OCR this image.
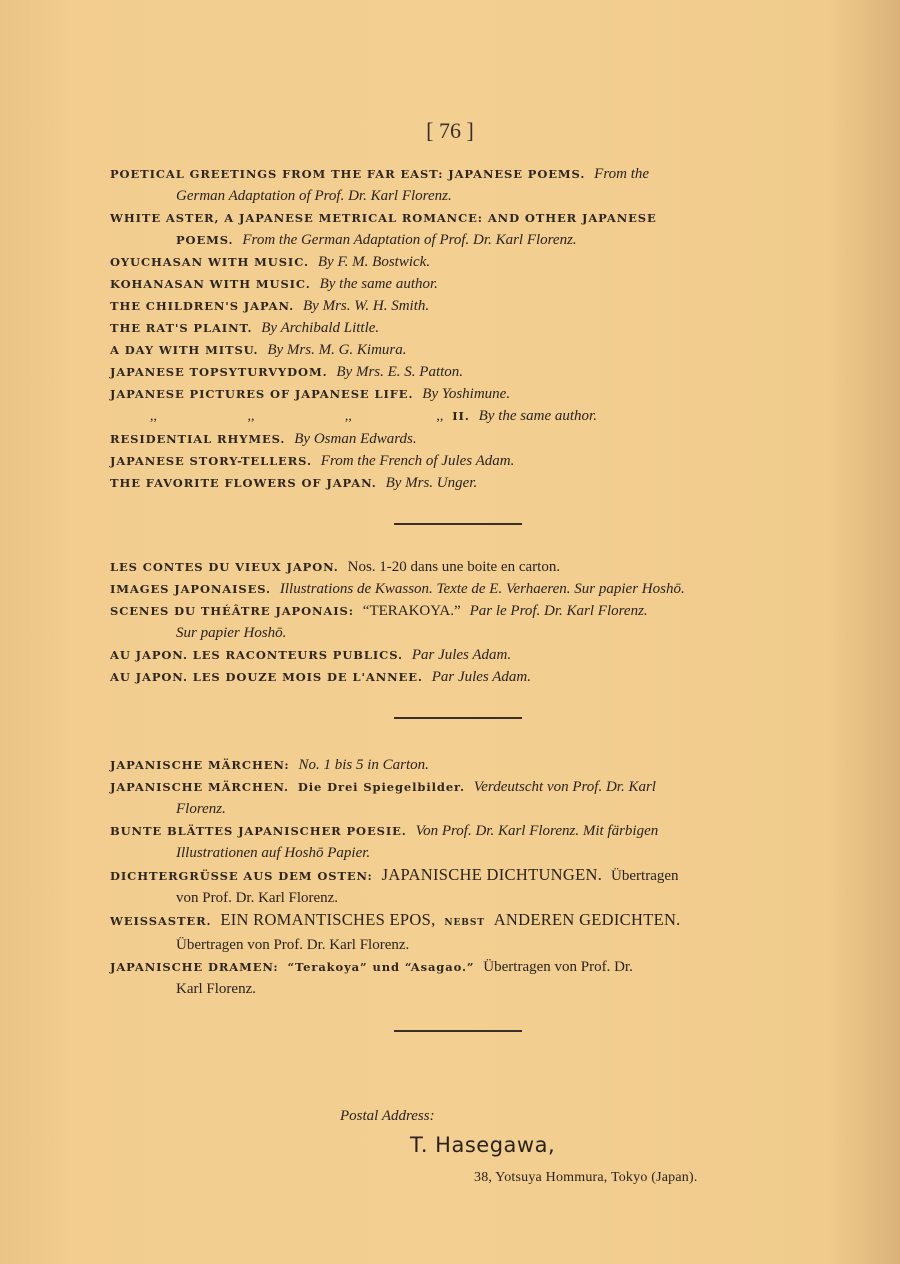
[ 76 ]
POETICAL GREETINGS FROM THE FAR EAST: JAPANESE POEMS. From the
German Adaptation of Prof. Dr. Karl Florenz.
WHITE ASTER, A JAPANESE METRICAL ROMANCE: AND OTHER JAPANESE
POEMS. From the German Adaptation of Prof. Dr. Karl Florenz.
OYUCHASAN WITH MUSIC. By F. M. Bostwick.
KOHANASAN WITH MUSIC. By the same author.
THE CHILDREN'S JAPAN. By Mrs. W. H. Smith.
THE RAT'S PLAINT. By Archibald Little.
A DAY WITH MITSU. By Mrs. M. G. Kimura.
JAPANESE TOPSYTURVYDOM. By Mrs. E. S. Patton.
JAPANESE PICTURES OF JAPANESE LIFE. By Yoshimune.
,,	,,	,,	,, II. By the same author.
RESIDENTIAL RHYMES. By Osman Edwards.
JAPANESE STORY-TELLERS. From the French of Jules Adam.
THE FAVORITE FLOWERS OF JAPAN. By Mrs. Unger.
LES CONTES DU VIEUX JAPON. Nos. 1-20 dans une boite en carton.
IMAGES JAPONAISES. Illustrations de Kwasson. Texte de E. Verhaeren. Sur papier Hoshō.
SCENES DU THÉÂTRE JAPONAIS: “TERAKOYA.” Par le Prof. Dr. Karl Florenz.
Sur papier Hoshō.
AU JAPON. LES RACONTEURS PUBLICS. Par Jules Adam.
AU JAPON. LES DOUZE MOIS DE L'ANNEE. Par Jules Adam.
JAPANISCHE MÄRCHEN: No. 1 bis 5 in Carton.
JAPANISCHE MÄRCHEN. Die Drei Spiegelbilder. Verdeutscht von Prof. Dr. Karl
Florenz.
BUNTE BLÄTTES JAPANISCHER POESIE. Von Prof. Dr. Karl Florenz. Mit färbigen
Illustrationen auf Hoshō Papier.
DICHTERGRÜSSE AUS DEM OSTEN: JAPANISCHE DICHTUNGEN. Übertragen
von Prof. Dr. Karl Florenz.
WEISSASTER. EIN ROMANTISCHES EPOS, NEBST ANDEREN GEDICHTEN.
Übertragen von Prof. Dr. Karl Florenz.
JAPANISCHE DRAMEN: “Terakoya” und “Asagao.” Übertragen von Prof. Dr.
Karl Florenz.
Postal Address:
T. Hasegawa,
38, Yotsuya Hommura, Tokyo (Japan).
